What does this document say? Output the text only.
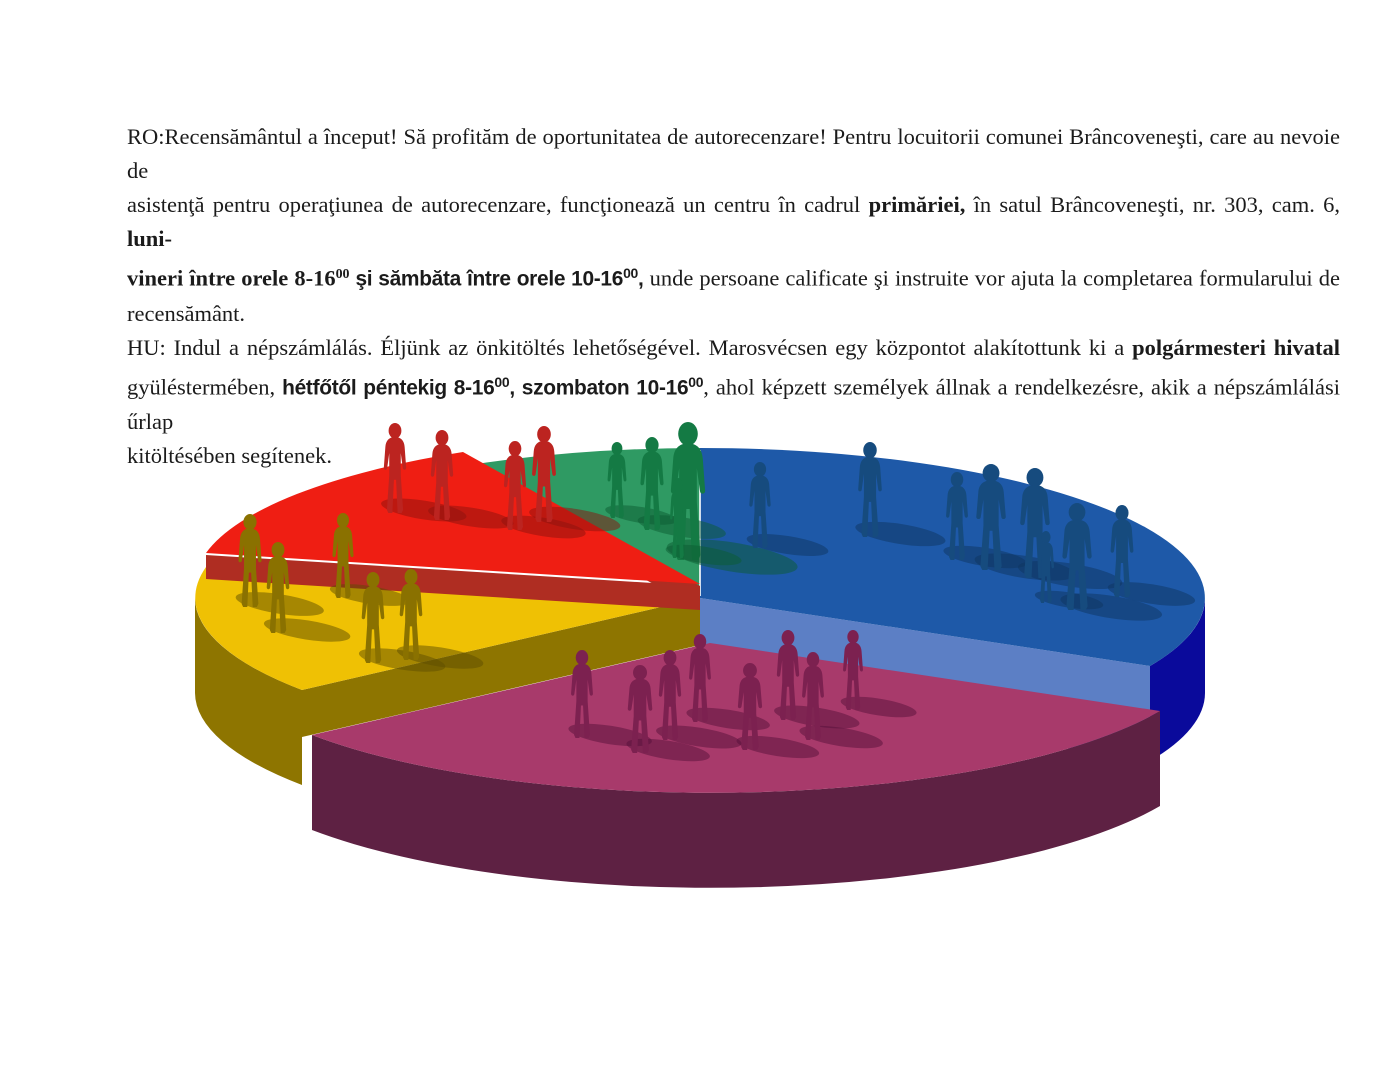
RO:Recensământul a început! Să profităm de oportunitatea de autorecenzare! Pentru locuitorii comunei Brâncoveneşti, care au nevoie de
asistenţă pentru operaţiunea de autorecenzare, funcţionează un centru în cadrul primăriei, în satul Brâncoveneşti, nr. 303, cam. 6, luni-
vineri între orele $8-16^{00}$ şi sămbăta între orele $10-16^{00}$, unde persoane calificate şi instruite vor ajuta la completarea formularului de
recensământ.
HU: Indul a népszámlálás. Éljünk az önkitöltés lehetőségével. Marosvécsen egy központot alakítottunk ki a polgármesteri hivatal
gyüléstermében, hétfőtől péntekig $8-16^{00}$, szombaton $10-16^{00}$, ahol képzett személyek állnak a rendelkezésre, akik a népszámlálási űrlap
kitöltésében segítenek.
